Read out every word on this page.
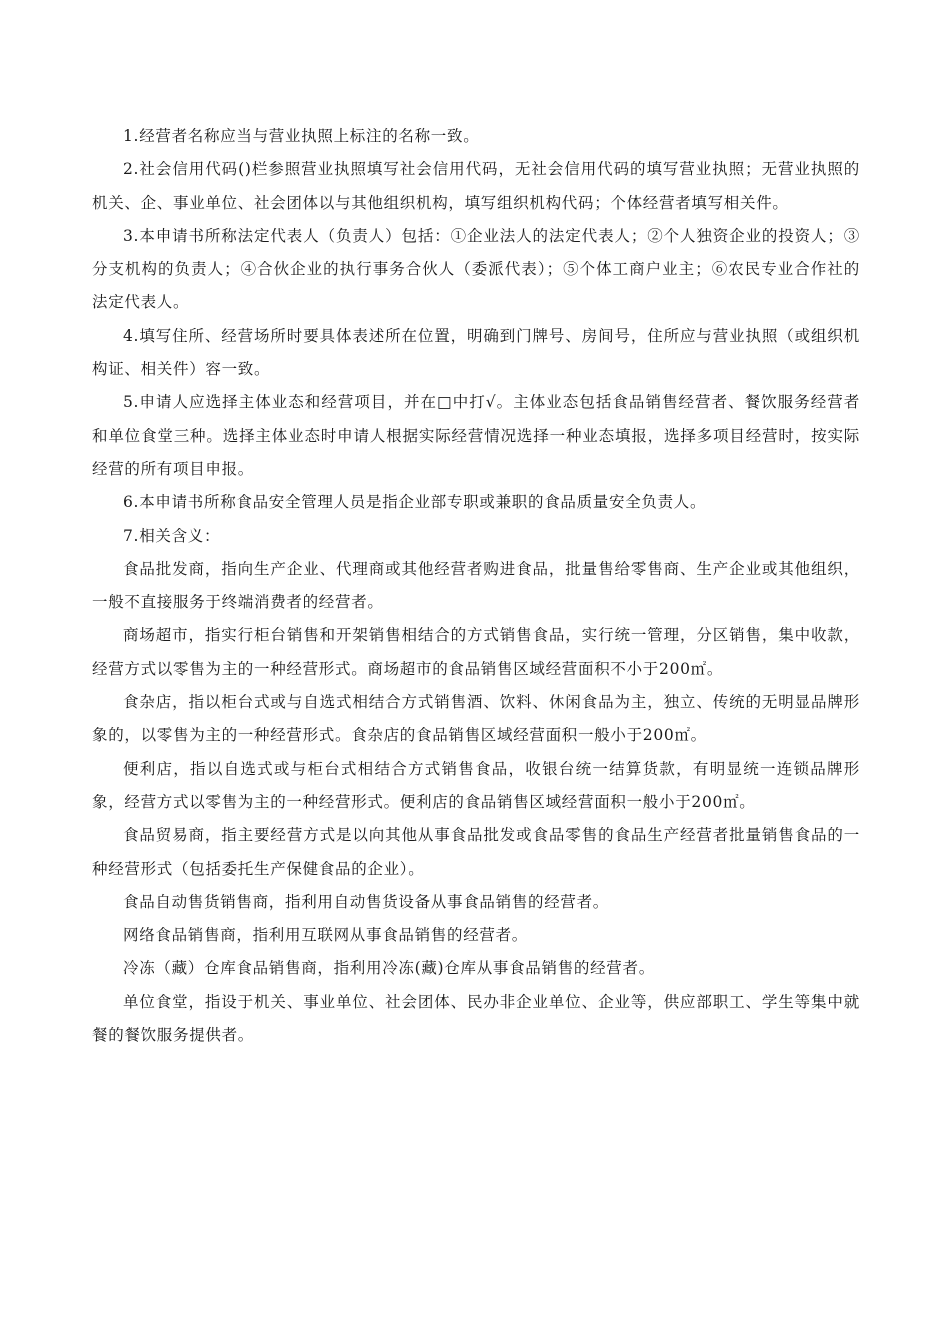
1.经营者名称应当与营业执照上标注的名称一致。

2.社会信用代码()栏参照营业执照填写社会信用代码，无社会信用代码的填写营业执照；无营业执照的机关、企、事业单位、社会团体以与其他组织机构，填写组织机构代码；个体经营者填写相关件。

3.本申请书所称法定代表人（负责人）包括：①企业法人的法定代表人；②个人独资企业的投资人；③分支机构的负责人；④合伙企业的执行事务合伙人（委派代表）；⑤个体工商户业主；⑥农民专业合作社的法定代表人。

4.填写住所、经营场所时要具体表述所在位置，明确到门牌号、房间号，住所应与营业执照（或组织机构证、相关件）容一致。

5.申请人应选择主体业态和经营项目，并在□中打√。主体业态包括食品销售经营者、餐饮服务经营者和单位食堂三种。选择主体业态时申请人根据实际经营情况选择一种业态填报，选择多项目经营时，按实际经营的所有项目申报。

6.本申请书所称食品安全管理人员是指企业部专职或兼职的食品质量安全负责人。

7.相关含义：

食品批发商，指向生产企业、代理商或其他经营者购进食品，批量售给零售商、生产企业或其他组织，一般不直接服务于终端消费者的经营者。

商场超市，指实行柜台销售和开架销售相结合的方式销售食品，实行统一管理，分区销售，集中收款，经营方式以零售为主的一种经营形式。商场超市的食品销售区域经营面积不小于200㎡。

食杂店，指以柜台式或与自选式相结合方式销售酒、饮料、休闲食品为主，独立、传统的无明显品牌形象的，以零售为主的一种经营形式。食杂店的食品销售区域经营面积一般小于200㎡。

便利店，指以自选式或与柜台式相结合方式销售食品，收银台统一结算货款，有明显统一连锁品牌形象，经营方式以零售为主的一种经营形式。便利店的食品销售区域经营面积一般小于200㎡。

食品贸易商，指主要经营方式是以向其他从事食品批发或食品零售的食品生产经营者批量销售食品的一种经营形式（包括委托生产保健食品的企业）。

食品自动售货销售商，指利用自动售货设备从事食品销售的经营者。

网络食品销售商，指利用互联网从事食品销售的经营者。

冷冻（藏）仓库食品销售商，指利用冷冻(藏)仓库从事食品销售的经营者。

单位食堂，指设于机关、事业单位、社会团体、民办非企业单位、企业等，供应部职工、学生等集中就餐的餐饮服务提供者。
